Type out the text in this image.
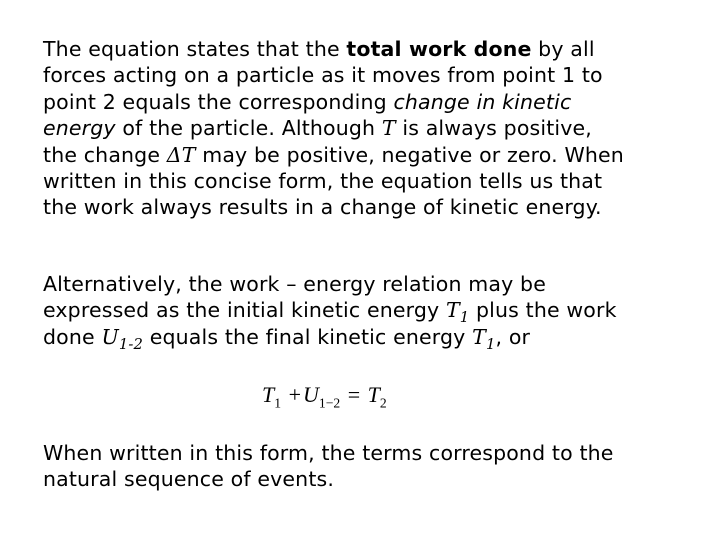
The equation states that the total work done by all
forces acting on a particle as it moves from point 1 to
point 2 equals the corresponding change in kinetic
energy of the particle. Although T is always positive,
the change ΔT may be positive, negative or zero. When
written in this concise form, the equation tells us that
the work always results in a change of kinetic energy.
Alternatively, the work – energy relation may be
expressed as the initial kinetic energy $T_1$ plus the work
done $U_{1-2}$ equals the final kinetic energy $T_1$, or
$T_1 +U_{1-2} = T_2$
When written in this form, the terms correspond to the
natural sequence of events.
